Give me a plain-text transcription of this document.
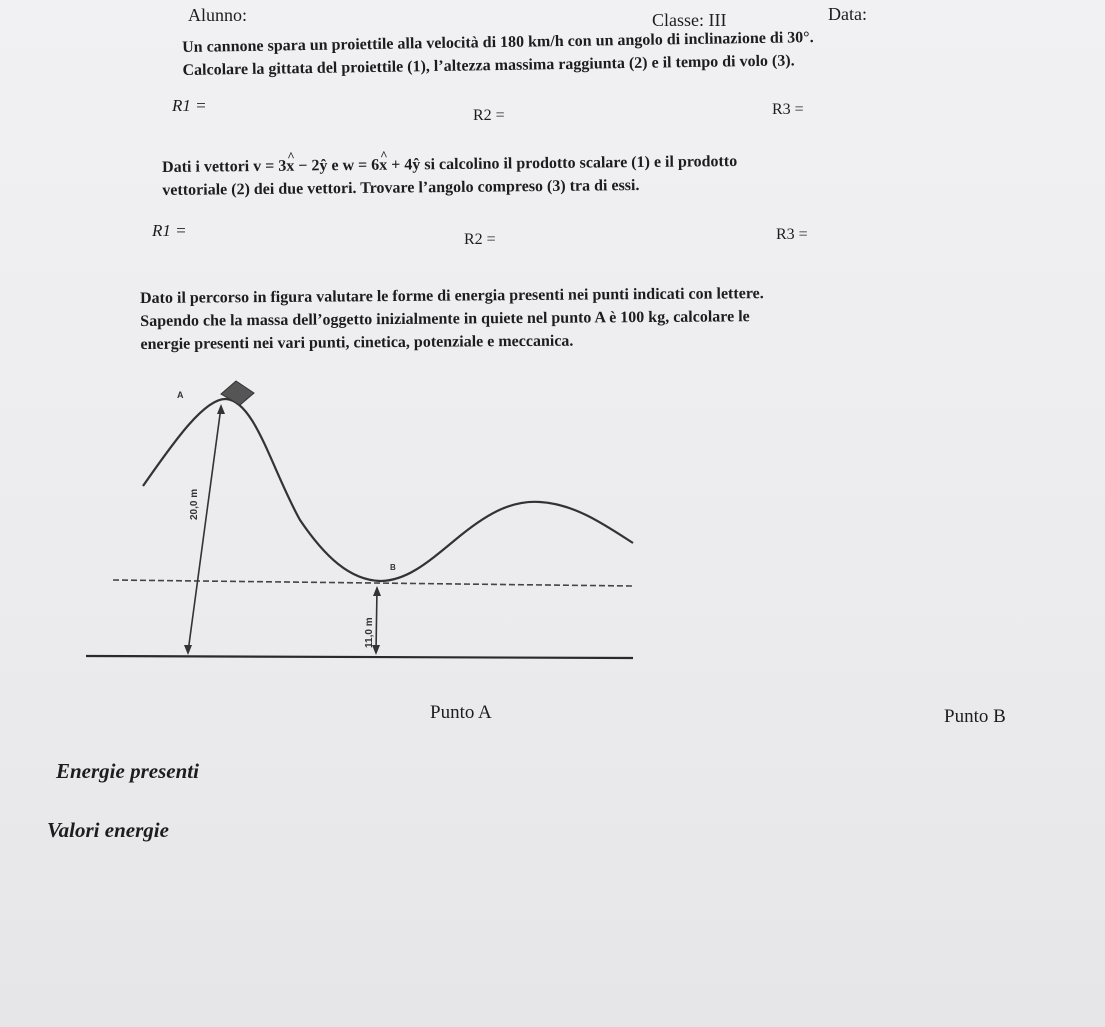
Alunno:	Classe: III	Data:
Un cannone spara un proiettile alla velocità di 180 km/h con un angolo di inclinazione di 30°.
Calcolare la gittata del proiettile (1), l’altezza massima raggiunta (2) e il tempo di volo (3).
R1 =
R2 =	R3 =
Dati i vettori v = 3^ x − 2ŷ e w = 6^ x + 4ŷ si calcolino il prodotto scalare (1) e il prodotto
vettoriale (2) dei due vettori. Trovare l’angolo compreso (3) tra di essi.
R1 =	R2 =	R3 =
Dato il percorso in figura valutare le forme di energia presenti nei punti indicati con lettere.
Sapendo che la massa dell’oggetto inizialmente in quiete nel punto A è 100 kg, calcolare le
energie presenti nei vari punti, cinetica, potenziale e meccanica.
A
B
20,0 m
11,0 m
Punto A	Punto B
Energie presenti
Valori energie
